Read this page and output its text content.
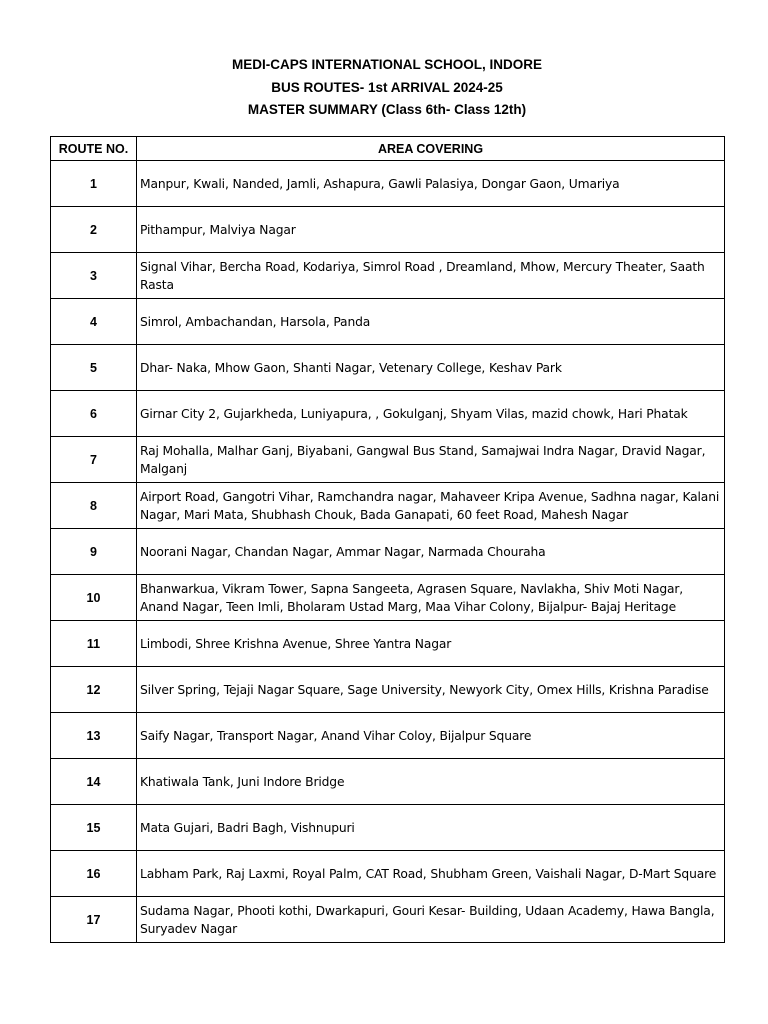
MEDI-CAPS INTERNATIONAL SCHOOL, INDORE
BUS ROUTES- 1st ARRIVAL 2024-25
MASTER SUMMARY (Class 6th- Class 12th)
ROUTE NO.	AREA COVERING
1	Manpur, Kwali, Nanded, Jamli, Ashapura, Gawli Palasiya, Dongar Gaon, Umariya
2	Pithampur, Malviya Nagar
3	Signal Vihar, Bercha Road, Kodariya, Simrol Road , Dreamland, Mhow, Mercury Theater, Saath Rasta
4	Simrol, Ambachandan, Harsola, Panda
5	Dhar- Naka, Mhow Gaon, Shanti Nagar, Vetenary College, Keshav Park
6	Girnar City 2, Gujarkheda, Luniyapura, , Gokulganj, Shyam Vilas, mazid chowk, Hari Phatak
7	Raj Mohalla, Malhar Ganj, Biyabani, Gangwal Bus Stand, Samajwai Indra Nagar, Dravid Nagar, Malganj
8	Airport Road, Gangotri Vihar, Ramchandra nagar, Mahaveer Kripa Avenue, Sadhna nagar, Kalani Nagar, Mari Mata, Shubhash Chouk, Bada Ganapati, 60 feet Road, Mahesh Nagar
9	Noorani Nagar, Chandan Nagar, Ammar Nagar, Narmada Chouraha
10	Bhanwarkua, Vikram Tower, Sapna Sangeeta, Agrasen Square, Navlakha, Shiv Moti Nagar, Anand Nagar, Teen Imli, Bholaram Ustad Marg, Maa Vihar Colony, Bijalpur- Bajaj Heritage
11	Limbodi, Shree Krishna Avenue, Shree Yantra Nagar
12	Silver Spring, Tejaji Nagar Square, Sage University, Newyork City, Omex Hills, Krishna Paradise
13	Saify Nagar, Transport Nagar, Anand Vihar Coloy, Bijalpur Square
14	Khatiwala Tank, Juni Indore Bridge
15	Mata Gujari, Badri Bagh, Vishnupuri
16	Labham Park, Raj Laxmi, Royal Palm, CAT Road, Shubham Green, Vaishali Nagar, D-Mart Square
17	Sudama Nagar, Phooti kothi, Dwarkapuri, Gouri Kesar- Building, Udaan Academy, Hawa Bangla, Suryadev Nagar
